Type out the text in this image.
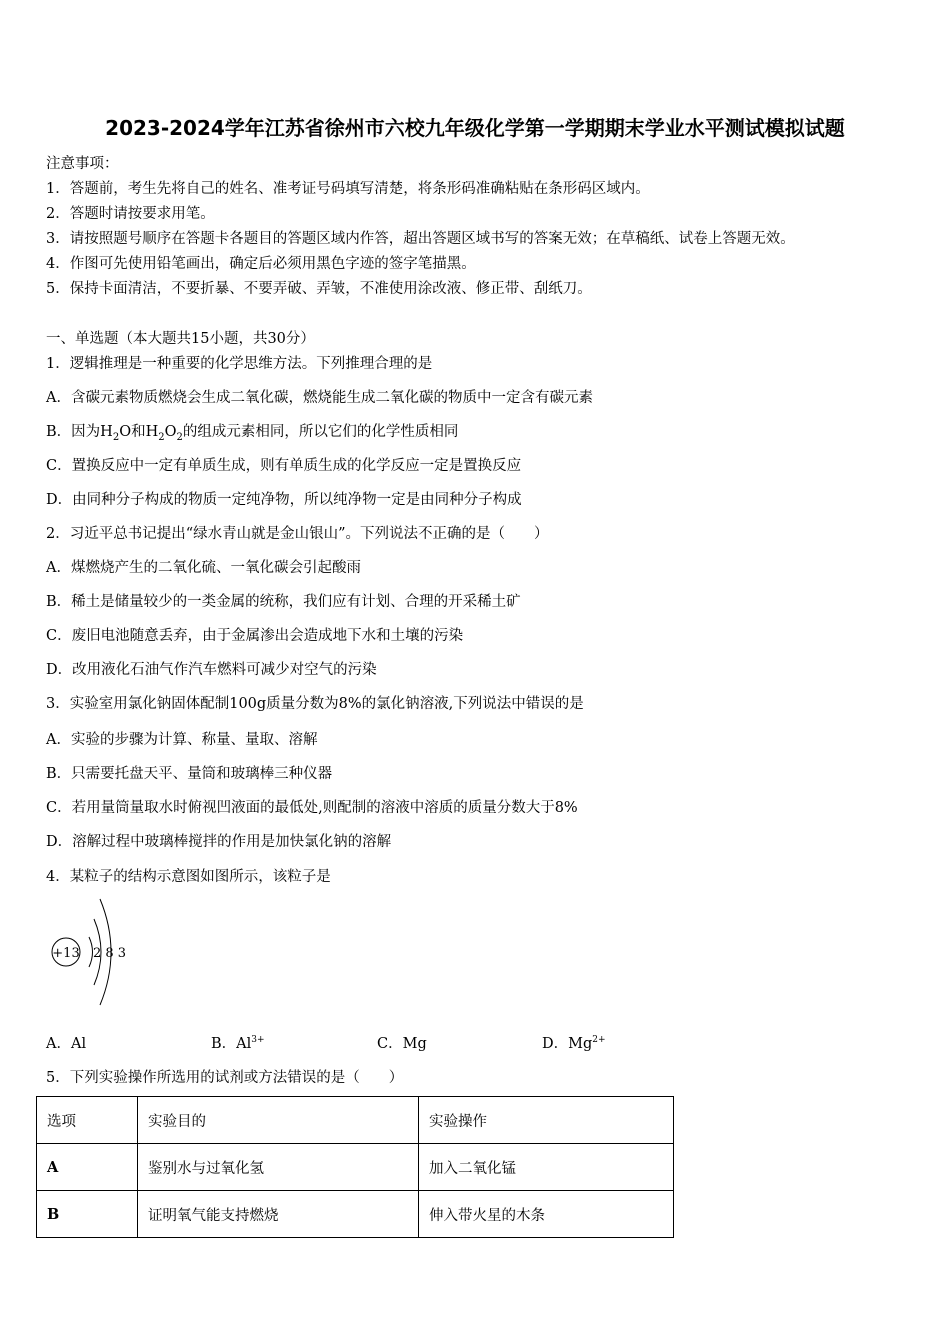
2023-2024学年江苏省徐州市六校九年级化学第一学期期末学业水平测试模拟试题
注意事项：
1．答题前，考生先将自己的姓名、准考证号码填写清楚，将条形码准确粘贴在条形码区域内。
2．答题时请按要求用笔。
3．请按照题号顺序在答题卡各题目的答题区域内作答，超出答题区域书写的答案无效；在草稿纸、试卷上答题无效。
4．作图可先使用铅笔画出，确定后必须用黑色字迹的签字笔描黑。
5．保持卡面清洁，不要折暴、不要弄破、弄皱，不准使用涂改液、修正带、刮纸刀。
一、单选题（本大题共15小题，共30分）
1．逻辑推理是一种重要的化学思维方法。下列推理合理的是
A．含碳元素物质燃烧会生成二氧化碳，燃烧能生成二氧化碳的物质中一定含有碳元素
B．因为$H_2O$和$H_2O_2$的组成元素相同，所以它们的化学性质相同
C．置换反应中一定有单质生成，则有单质生成的化学反应一定是置换反应
D．由同种分子构成的物质一定纯净物，所以纯净物一定是由同种分子构成
2．习近平总书记提出“绿水青山就是金山银山”。下列说法不正确的是（　　）
A．煤燃烧产生的二氧化硫、一氧化碳会引起酸雨
B．稀土是储量较少的一类金属的统称，我们应有计划、合理的开采稀土矿
C．废旧电池随意丢弃，由于金属渗出会造成地下水和土壤的污染
D．改用液化石油气作汽车燃料可减少对空气的污染
3．实验室用氯化钠固体配制100g质量分数为8%的氯化钠溶液,下列说法中错误的是
A．实验的步骤为计算、称量、量取、溶解
B．只需要托盘天平、量筒和玻璃棒三种仪器
C．若用量筒量取水时俯视凹液面的最低处,则配制的溶液中溶质的质量分数大于8%
D．溶解过程中玻璃棒搅拌的作用是加快氯化钠的溶解
4．某粒子的结构示意图如图所示，该粒子是
+13 2 8 3
A．Al	B．$Al^{3+}$	C．Mg	D．$Mg^{2+}$
5．下列实验操作所选用的试剂或方法错误的是（　　）
选项	实验目的	实验操作
A	鉴别水与过氧化氢	加入二氧化锰
B	证明氧气能支持燃烧	伸入带火星的木条
